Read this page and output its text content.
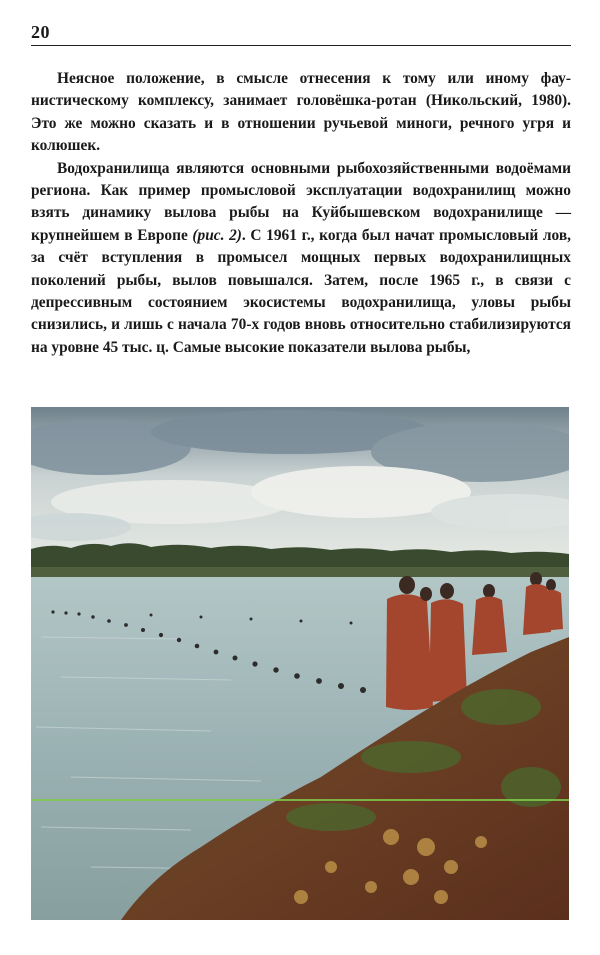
20

Неясное положение, в смысле отнесения к тому или иному фаунистическому комплексу, занимает головёшка-ротан (Никольский, 1980). Это же можно сказать и в отношении ручьевой миноги, речного угря и колюшек.

Водохранилища являются основными рыбохозяйственными водоёмами региона. Как пример промысловой эксплуатации водохранилищ можно взять динамику вылова рыбы на Куйбышевском водохранилище — крупнейшем в Европе (рис. 2). С 1961 г., когда был начат промысловый лов, за счёт вступления в промысел мощных первых водохранилищных поколений рыбы, вылов повышался. Затем, после 1965 г., в связи с депрессивным состоянием экосистемы водохранилища, уловы рыбы снизились, и лишь с начала 70-х годов вновь относительно стабилизируются на уровне 45 тыс. ц. Самые высокие показатели вылова рыбы,
